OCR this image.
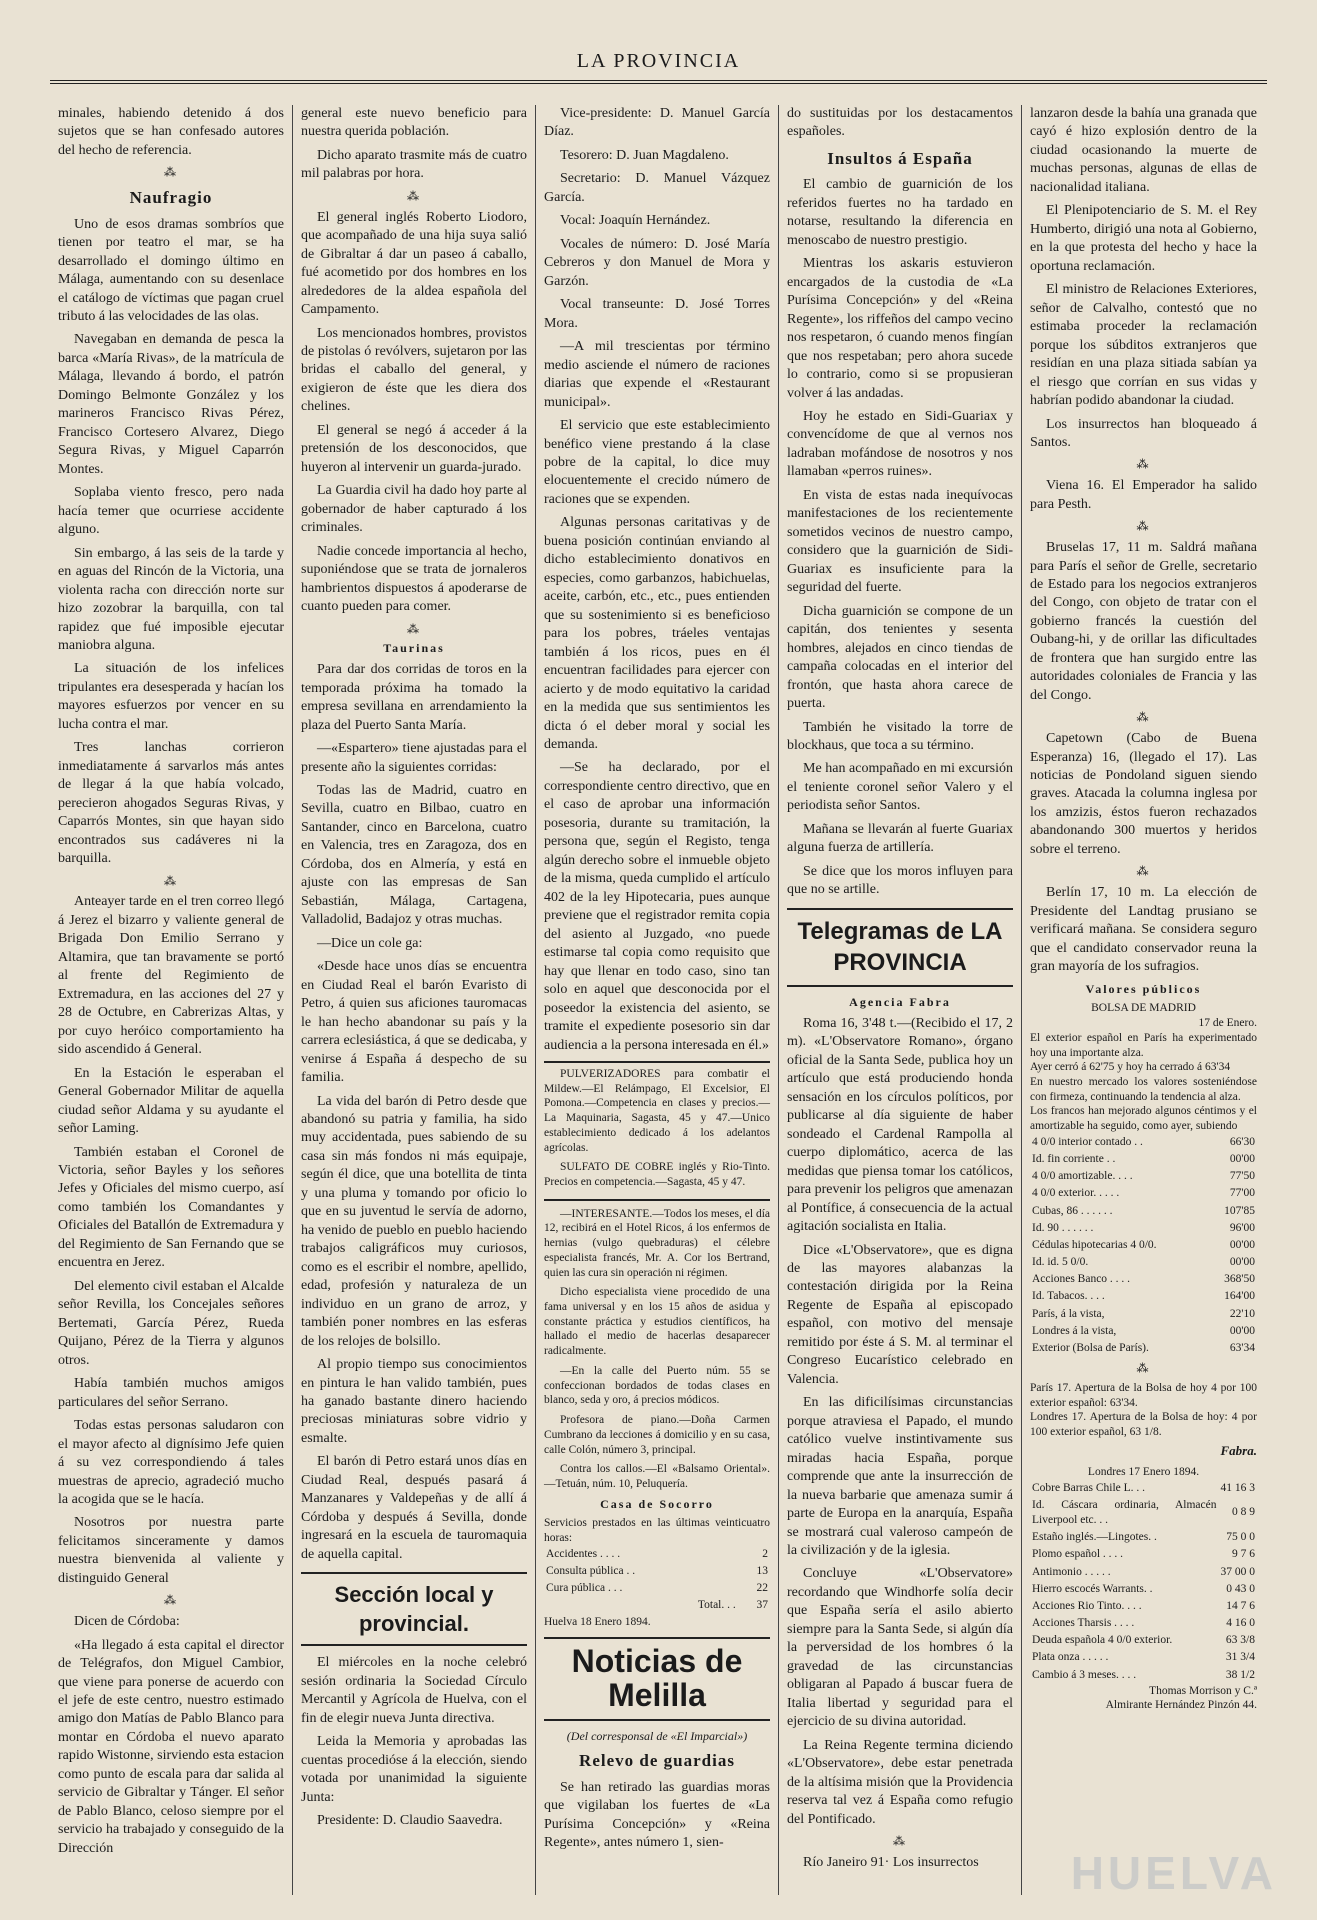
LA PROVINCIA

minales, habiendo detenido á dos sujetos que se han confesado autores del hecho de referencia.

⁂
Naufragio

Uno de esos dramas sombríos que tienen por teatro el mar, se ha desarrollado el domingo último en Málaga, aumentando con su desenlace el catálogo de víctimas que pagan cruel tributo á las velocidades de las olas.

Navegaban en demanda de pesca la barca «María Rivas», de la matrícula de Málaga, llevando á bordo, el patrón Domingo Belmonte González y los marineros Francisco Rivas Pérez, Francisco Cortesero Alvarez, Diego Segura Rivas, y Miguel Caparrón Montes.

Soplaba viento fresco, pero nada hacía temer que ocurriese accidente alguno.

Sin embargo, á las seis de la tarde y en aguas del Rincón de la Victoria, una violenta racha con dirección norte sur hizo zozobrar la barquilla, con tal rapidez que fué imposible ejecutar maniobra alguna.

La situación de los infelices tripulantes era desesperada y hacían los mayores esfuerzos por vencer en su lucha contra el mar.

Tres lanchas corrieron inmediatamente á sarvarlos más antes de llegar á la que había volcado, perecieron ahogados Seguras Rivas, y Caparrós Montes, sin que hayan sido encontrados sus cadáveres ni la barquilla.

⁂

Anteayer tarde en el tren correo llegó á Jerez el bizarro y valiente general de Brigada Don Emilio Serrano y Altamira, que tan bravamente se portó al frente del Regimiento de Extremadura, en las acciones del 27 y 28 de Octubre, en Cabrerizas Altas, y por cuyo heróico comportamiento ha sido ascendido á General.

En la Estación le esperaban el General Gobernador Militar de aquella ciudad señor Aldama y su ayudante el señor Laming.

También estaban el Coronel de Victoria, señor Bayles y los señores Jefes y Oficiales del mismo cuerpo, así como también los Comandantes y Oficiales del Batallón de Extremadura y del Regimiento de San Fernando que se encuentra en Jerez.

Del elemento civil estaban el Alcalde señor Revilla, los Concejales señores Bertemati, García Pérez, Rueda Quijano, Pérez de la Tierra y algunos otros.

Había también muchos amigos particulares del señor Serrano.

Todas estas personas saludaron con el mayor afecto al dignísimo Jefe quien á su vez correspondiendo á tales muestras de aprecio, agradeció mucho la acogida que se le hacía.

Nosotros por nuestra parte felicitamos sinceramente y damos nuestra bienvenida al valiente y distinguido General

⁂

Dicen de Córdoba:

«Ha llegado á esta capital el director de Telégrafos, don Miguel Cambior, que viene para ponerse de acuerdo con el jefe de este centro, nuestro estimado amigo don Matías de Pablo Blanco para montar en Córdoba el nuevo aparato rapido Wistonne, sirviendo esta estacion como punto de escala para dar salida al servicio de Gibraltar y Tánger. El señor de Pablo Blanco, celoso siempre por el servicio ha trabajado y conseguido de la Dirección

general este nuevo beneficio para nuestra querida población.

Dicho aparato trasmite más de cuatro mil palabras por hora.

⁂

El general inglés Roberto Liodoro, que acompañado de una hija suya salió de Gibraltar á dar un paseo á caballo, fué acometido por dos hombres en los alrededores de la aldea española del Campamento.

Los mencionados hombres, provistos de pistolas ó revólvers, sujetaron por las bridas el caballo del general, y exigieron de éste que les diera dos chelines.

El general se negó á acceder á la pretensión de los desconocidos, que huyeron al intervenir un guarda-jurado.

La Guardia civil ha dado hoy parte al gobernador de haber capturado á los criminales.

Nadie concede importancia al hecho, suponiéndose que se trata de jornaleros hambrientos dispuestos á apoderarse de cuanto pueden para comer.

⁂
Taurinas

Para dar dos corridas de toros en la temporada próxima ha tomado la empresa sevillana en arrendamiento la plaza del Puerto Santa María.

—«Espartero» tiene ajustadas para el presente año la siguientes corridas:

Todas las de Madrid, cuatro en Sevilla, cuatro en Bilbao, cuatro en Santander, cinco en Barcelona, cuatro en Valencia, tres en Zaragoza, dos en Córdoba, dos en Almería, y está en ajuste con las empresas de San Sebastián, Málaga, Cartagena, Valladolid, Badajoz y otras muchas.

—Dice un cole ga:

«Desde hace unos días se encuentra en Ciudad Real el barón Evaristo di Petro, á quien sus aficiones tauromacas le han hecho abandonar su país y la carrera eclesiástica, á que se dedicaba, y venirse á España á despecho de su familia.

La vida del barón di Petro desde que abandonó su patria y familia, ha sido muy accidentada, pues sabiendo de su casa sin más fondos ni más equipaje, según él dice, que una botellita de tinta y una pluma y tomando por oficio lo que en su juventud le servía de adorno, ha venido de pueblo en pueblo haciendo trabajos caligráficos muy curiosos, como es el escribir el nombre, apellido, edad, profesión y naturaleza de un individuo en un grano de arroz, y también poner nombres en las esferas de los relojes de bolsillo.

Al propio tiempo sus conocimientos en pintura le han valido también, pues ha ganado bastante dinero haciendo preciosas miniaturas sobre vidrio y esmalte.

El barón di Petro estará unos días en Ciudad Real, después pasará á Manzanares y Valdepeñas y de allí á Córdoba y después á Sevilla, donde ingresará en la escuela de tauromaquia de aquella capital.

Sección local y provincial.

El miércoles en la noche celebró sesión ordinaria la Sociedad Círculo Mercantil y Agrícola de Huelva, con el fin de elegir nueva Junta directiva.

Leida la Memoria y aprobadas las cuentas procedióse á la elección, siendo votada por unanimidad la siguiente Junta:

Presidente: D. Claudio Saavedra.

Vice-presidente: D. Manuel García Díaz.

Tesorero: D. Juan Magdaleno.

Secretario: D. Manuel Vázquez García.

Vocal: Joaquín Hernández.

Vocales de número: D. José María Cebreros y don Manuel de Mora y Garzón.

Vocal transeunte: D. José Torres Mora.

—A mil trescientas por término medio asciende el número de raciones diarias que expende el «Restaurant municipal».

El servicio que este establecimiento benéfico viene prestando á la clase pobre de la capital, lo dice muy elocuentemente el crecido número de raciones que se expenden.

Algunas personas caritativas y de buena posición continúan enviando al dicho establecimiento donativos en especies, como garbanzos, habichuelas, aceite, carbón, etc., etc., pues entienden que su sostenimiento si es beneficioso para los pobres, tráeles ventajas también á los ricos, pues en él encuentran facilidades para ejercer con acierto y de modo equitativo la caridad en la medida que sus sentimientos les dicta ó el deber moral y social les demanda.

—Se ha declarado, por el correspondiente centro directivo, que en el caso de aprobar una información posesoria, durante su tramitación, la persona que, según el Registo, tenga algún derecho sobre el inmueble objeto de la misma, queda cumplido el artículo 402 de la ley Hipotecaria, pues aunque previene que el registrador remita copia del asiento al Juzgado, «no puede estimarse tal copia como requisito que hay que llenar en todo caso, sino tan solo en aquel que desconocida por el poseedor la existencia del asiento, se tramite el expediente posesorio sin dar audiencia a la persona interesada en él.»

PULVERIZADORES para combatir el Mildew.—El Relámpago, El Excelsior, El Pomona.—Competencia en clases y precios.—La Maquinaria, Sagasta, 45 y 47.—Unico establecimiento dedicado á los adelantos agrícolas.

SULFATO DE COBRE inglés y Rio-Tinto. Precios en competencia.—Sagasta, 45 y 47.

—INTERESANTE.—Todos los meses, el día 12, recibirá en el Hotel Ricos, á los enfermos de hernias (vulgo quebraduras) el célebre especialista francés, Mr. A. Cor los Bertrand, quien las cura sin operación ni régimen.

Dicho especialista viene procedido de una fama universal y en los 15 años de asidua y constante práctica y estudios científicos, ha hallado el medio de hacerlas desaparecer radicalmente.

—En la calle del Puerto núm. 55 se confeccionan bordados de todas clases en blanco, seda y oro, á precios módicos.

Profesora de piano.—Doña Carmen Cumbrano da lecciones á domicilio y en su casa, calle Colón, número 3, principal.

Contra los callos.—El «Balsamo Oriental».—Tetuán, núm. 10, Peluquería.

Casa de Socorro
Servicios prestados en las últimas veinticuatro horas:
Accidentes . . . .	2
Consulta pública . .	13
Cura pública . . .	22
Total. . .	37
Huelva 18 Enero 1894.
Noticias de Melilla
(Del corresponsal de «El Imparcial»)
Relevo de guardias

Se han retirado las guardias moras que vigilaban los fuertes de «La Purísima Concepción» y «Reina Regente», antes número 1, sien-

do sustituidas por los destacamentos españoles.

Insultos á España

El cambio de guarnición de los referidos fuertes no ha tardado en notarse, resultando la diferencia en menoscabo de nuestro prestigio.

Mientras los askaris estuvieron encargados de la custodia de «La Purísima Concepción» y del «Reina Regente», los riffeños del campo vecino nos respetaron, ó cuando menos fingían que nos respetaban; pero ahora sucede lo contrario, como si se propusieran volver á las andadas.

Hoy he estado en Sidi-Guariax y convencídome de que al vernos nos ladraban mofándose de nosotros y nos llamaban «perros ruines».

En vista de estas nada inequívocas manifestaciones de los recientemente sometidos vecinos de nuestro campo, considero que la guarnición de Sidi-Guariax es insuficiente para la seguridad del fuerte.

Dicha guarnición se compone de un capitán, dos tenientes y sesenta hombres, alejados en cinco tiendas de campaña colocadas en el interior del frontón, que hasta ahora carece de puerta.

También he visitado la torre de blockhaus, que toca a su término.

Me han acompañado en mi excursión el teniente coronel señor Valero y el periodista señor Santos.

Mañana se llevarán al fuerte Guariax alguna fuerza de artillería.

Se dice que los moros influyen para que no se artille.

Telegramas de LA PROVINCIA
Agencia Fabra

Roma 16, 3'48 t.—(Recibido el 17, 2 m). «L'Observatore Romano», órgano oficial de la Santa Sede, publica hoy un artículo que está produciendo honda sensación en los círculos políticos, por publicarse al día siguiente de haber sondeado el Cardenal Rampolla al cuerpo diplomático, acerca de las medidas que piensa tomar los católicos, para prevenir los peligros que amenazan al Pontífice, á consecuencia de la actual agitación socialista en Italia.

Dice «L'Observatore», que es digna de las mayores alabanzas la contestación dirigida por la Reina Regente de España al episcopado español, con motivo del mensaje remitido por éste á S. M. al terminar el Congreso Eucarístico celebrado en Valencia.

En las dificilísimas circunstancias porque atraviesa el Papado, el mundo católico vuelve instintivamente sus miradas hacia España, porque comprende que ante la insurrección de la nueva barbarie que amenaza sumir á parte de Europa en la anarquía, España se mostrará cual valeroso campeón de la civilización y de la iglesia.

Concluye «L'Observatore» recordando que Windhorfe solía decir que España sería el asilo abierto siempre para la Santa Sede, si algún día la perversidad de los hombres ó la gravedad de las circunstancias obligaran al Papado á buscar fuera de Italia libertad y seguridad para el ejercicio de su divina autoridad.

La Reina Regente termina diciendo «L'Observatore», debe estar penetrada de la altísima misión que la Providencia reserva tal vez á España como refugio del Pontificado.

⁂

Río Janeiro 91· Los insurrectos

lanzaron desde la bahía una granada que cayó é hizo explosión dentro de la ciudad ocasionando la muerte de muchas personas, algunas de ellas de nacionalidad italiana.

El Plenipotenciario de S. M. el Rey Humberto, dirigió una nota al Gobierno, en la que protesta del hecho y hace la oportuna reclamación.

El ministro de Relaciones Exteriores, señor de Calvalho, contestó que no estimaba proceder la reclamación porque los súbditos extranjeros que residían en una plaza sitiada sabían ya el riesgo que corrían en sus vidas y habrían podido abandonar la ciudad.

Los insurrectos han bloqueado á Santos.

⁂

Viena 16. El Emperador ha salido para Pesth.

⁂

Bruselas 17, 11 m. Saldrá mañana para París el señor de Grelle, secretario de Estado para los negocios extranjeros del Congo, con objeto de tratar con el gobierno francés la cuestión del Oubang-hi, y de orillar las dificultades de frontera que han surgido entre las autoridades coloniales de Francia y las del Congo.

⁂

Capetown (Cabo de Buena Esperanza) 16, (llegado el 17). Las noticias de Pondoland siguen siendo graves. Atacada la columna inglesa por los amzizis, éstos fueron rechazados abandonando 300 muertos y heridos sobre el terreno.

⁂

Berlín 17, 10 m. La elección de Presidente del Landtag prusiano se verificará mañana. Se considera seguro que el candidato conservador reuna la gran mayoría de los sufragios.

Valores públicos
BOLSA DE MADRID
17 de Enero.
El exterior español en París ha experimentado hoy una importante alza.
Ayer cerró á 62'75 y hoy ha cerrado á 63'34
En nuestro mercado los valores sosteniéndose con firmeza, continuando la tendencia al alza.
Los francos han mejorado algunos céntimos y el amortizable ha seguido, como ayer, subiendo
4 0/0 interior contado . .	66'30
Id. fin corriente . .	00'00
4 0/0 amortizable. . . .	77'50
4 0/0 exterior. . . . .	77'00
Cubas, 86 . . . . . .	107'85
Id. 90 . . . . . .	96'00
Cédulas hipotecarias 4 0/0.	00'00
Id. id. 5 0/0.	00'00
Acciones Banco . . . .	368'50
Id. Tabacos. . . .	164'00
París, á la vista,	22'10
Londres á la vista,	00'00
Exterior (Bolsa de París).	63'34
⁂
París 17. Apertura de la Bolsa de hoy 4 por 100 exterior español: 63'34.
Londres 17. Apertura de la Bolsa de hoy: 4 por 100 exterior español, 63 1/8.
Fabra.
Londres 17 Enero 1894.
Cobre Barras Chile L. . .	41 16 3
Id. Cáscara ordinaria, Almacén Liverpool etc. . .	0 8 9
Estaño inglés.—Lingotes. .	75 0 0
Plomo español . . . .	9 7 6
Antimonio . . . . .	37 00 0
Hierro escocés Warrants. .	0 43 0
Acciones Rio Tinto. . . .	14 7 6
Acciones Tharsis . . . .	4 16 0
Deuda española 4 0/0 exterior.	63 3/8
Plata onza . . . . .	31 3/4
Cambio á 3 meses. . . .	38 1/2
Thomas Morrison y C.ª
Almirante Hernández Pinzón 44.
HUELVA
